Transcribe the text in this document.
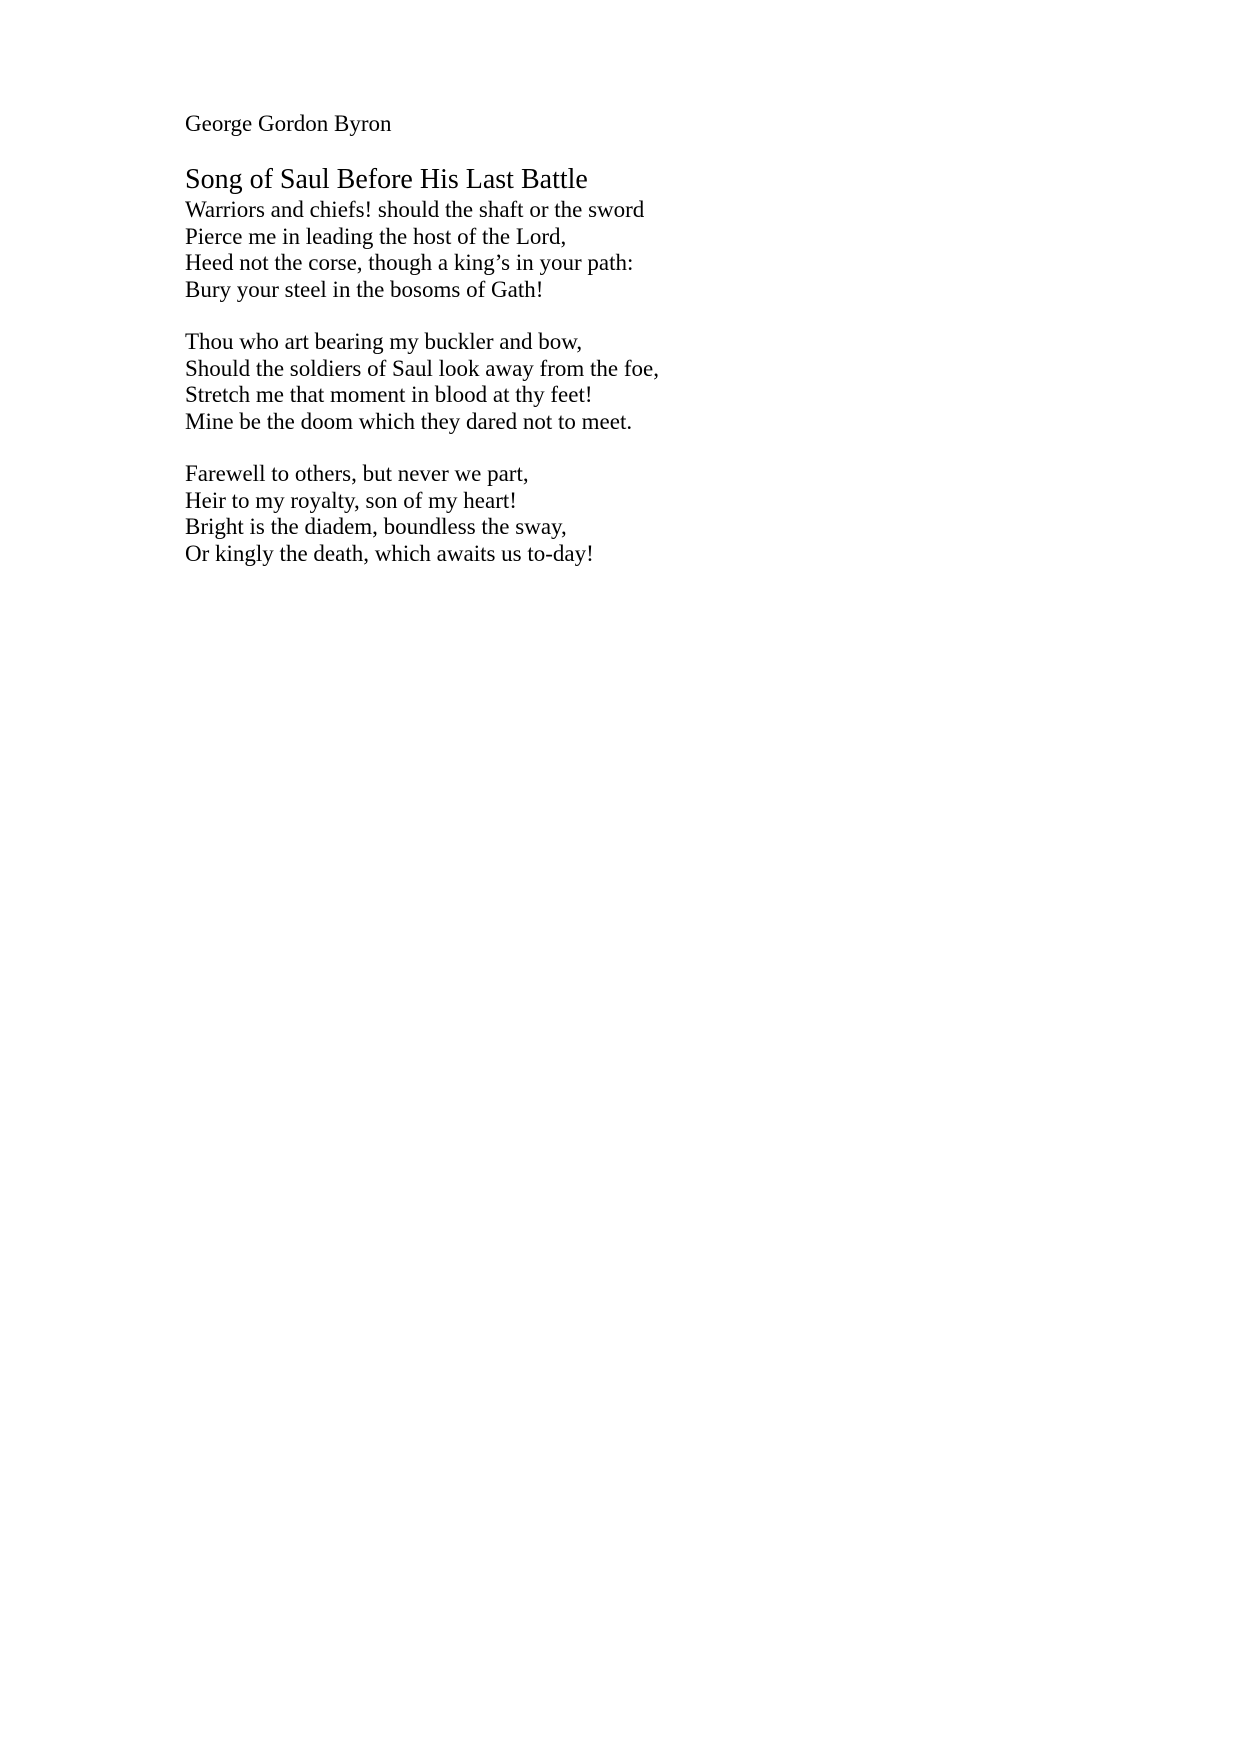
George Gordon Byron
Song of Saul Before His Last Battle
Warriors and chiefs! should the shaft or the sword
Pierce me in leading the host of the Lord,
Heed not the corse, though a king’s in your path:
Bury your steel in the bosoms of Gath!
Thou who art bearing my buckler and bow,
Should the soldiers of Saul look away from the foe,
Stretch me that moment in blood at thy feet!
Mine be the doom which they dared not to meet.
Farewell to others, but never we part,
Heir to my royalty, son of my heart!
Bright is the diadem, boundless the sway,
Or kingly the death, which awaits us to-day!
